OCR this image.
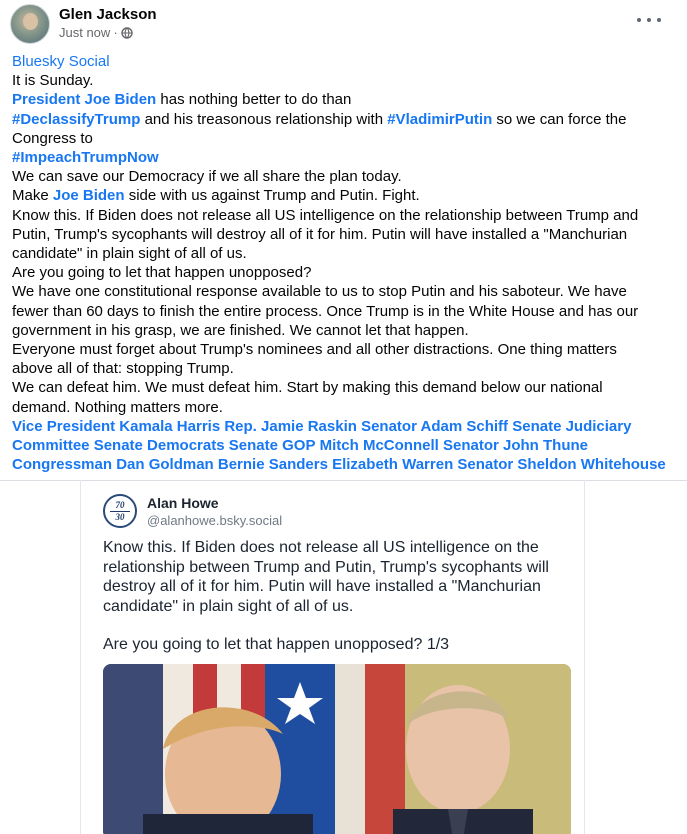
Glen Jackson
Just now ·
Bluesky Social
It is Sunday.
President Joe Biden has nothing better to do than
#DeclassifyTrump and his treasonous relationship with #VladimirPutin so we can force the
Congress to
#ImpeachTrumpNow
We can save our Democracy if we all share the plan today.
Make Joe Biden side with us against Trump and Putin. Fight.
Know this. If Biden does not release all US intelligence on the relationship between Trump and
Putin, Trump's sycophants will destroy all of it for him. Putin will have installed a "Manchurian
candidate" in plain sight of all of us.
Are you going to let that happen unopposed?
We have one constitutional response available to us to stop Putin and his saboteur. We have
fewer than 60 days to finish the entire process. Once Trump is in the White House and has our
government in his grasp, we are finished. We cannot let that happen.
Everyone must forget about Trump's nominees and all other distractions. One thing matters
above all of that: stopping Trump.
We can defeat him. We must defeat him. Start by making this demand below our national
demand. Nothing matters more.
Vice President Kamala Harris Rep. Jamie Raskin Senator Adam Schiff Senate Judiciary
Committee Senate Democrats Senate GOP Mitch McConnell Senator John Thune
Congressman Dan Goldman Bernie Sanders Elizabeth Warren Senator Sheldon Whitehouse
70
30
Alan Howe
@alanhowe.bsky.social
Know this. If Biden does not release all US intelligence on the
relationship between Trump and Putin, Trump's sycophants will
destroy all of it for him. Putin will have installed a "Manchurian
candidate" in plain sight of all of us.
Are you going to let that happen unopposed? 1/3
